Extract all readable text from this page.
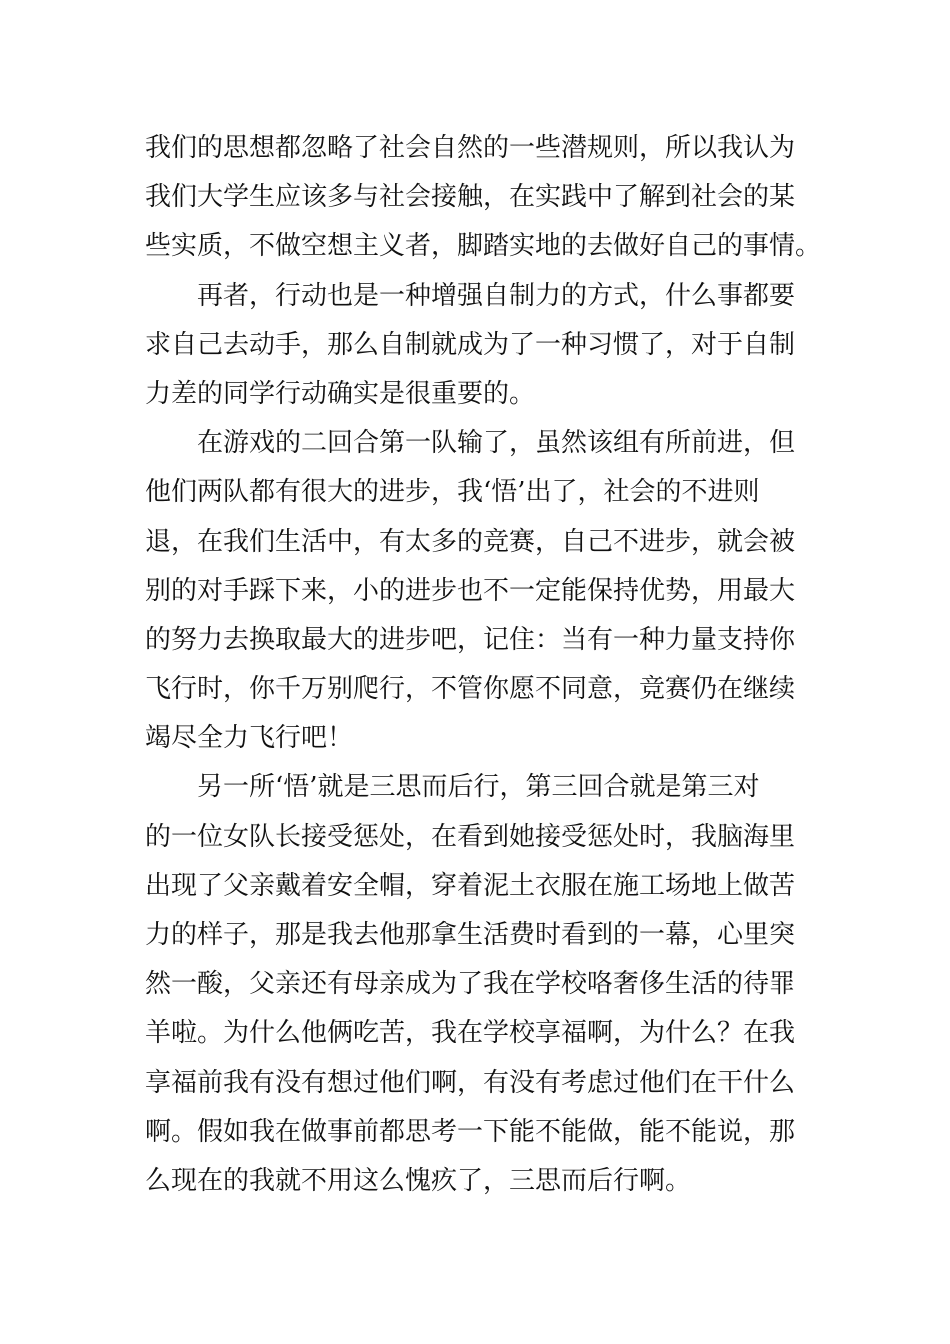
我们的思想都忽略了社会自然的一些潜规则，所以我认为
我们大学生应该多与社会接触，在实践中了解到社会的某
些实质，不做空想主义者，脚踏实地的去做好自己的事情。
再者，行动也是一种增强自制力的方式，什么事都要
求自己去动手，那么自制就成为了一种习惯了，对于自制
力差的同学行动确实是很重要的。
在游戏的二回合第一队输了，虽然该组有所前进，但
他们两队都有很大的进步，我‘悟’出了，社会的不进则
退，在我们生活中，有太多的竞赛，自己不进步，就会被
别的对手踩下来，小的进步也不一定能保持优势，用最大
的努力去换取最大的进步吧，记住：当有一种力量支持你
飞行时，你千万别爬行，不管你愿不同意，竞赛仍在继续
竭尽全力飞行吧！
另一所‘悟’就是三思而后行，第三回合就是第三对
的一位女队长接受惩处，在看到她接受惩处时，我脑海里
出现了父亲戴着安全帽，穿着泥土衣服在施工场地上做苦
力的样子，那是我去他那拿生活费时看到的一幕，心里突
然一酸，父亲还有母亲成为了我在学校咯奢侈生活的待罪
羊啦。为什么他俩吃苦，我在学校享福啊，为什么？在我
享福前我有没有想过他们啊，有没有考虑过他们在干什么
啊。假如我在做事前都思考一下能不能做，能不能说，那
么现在的我就不用这么愧疚了，三思而后行啊。
